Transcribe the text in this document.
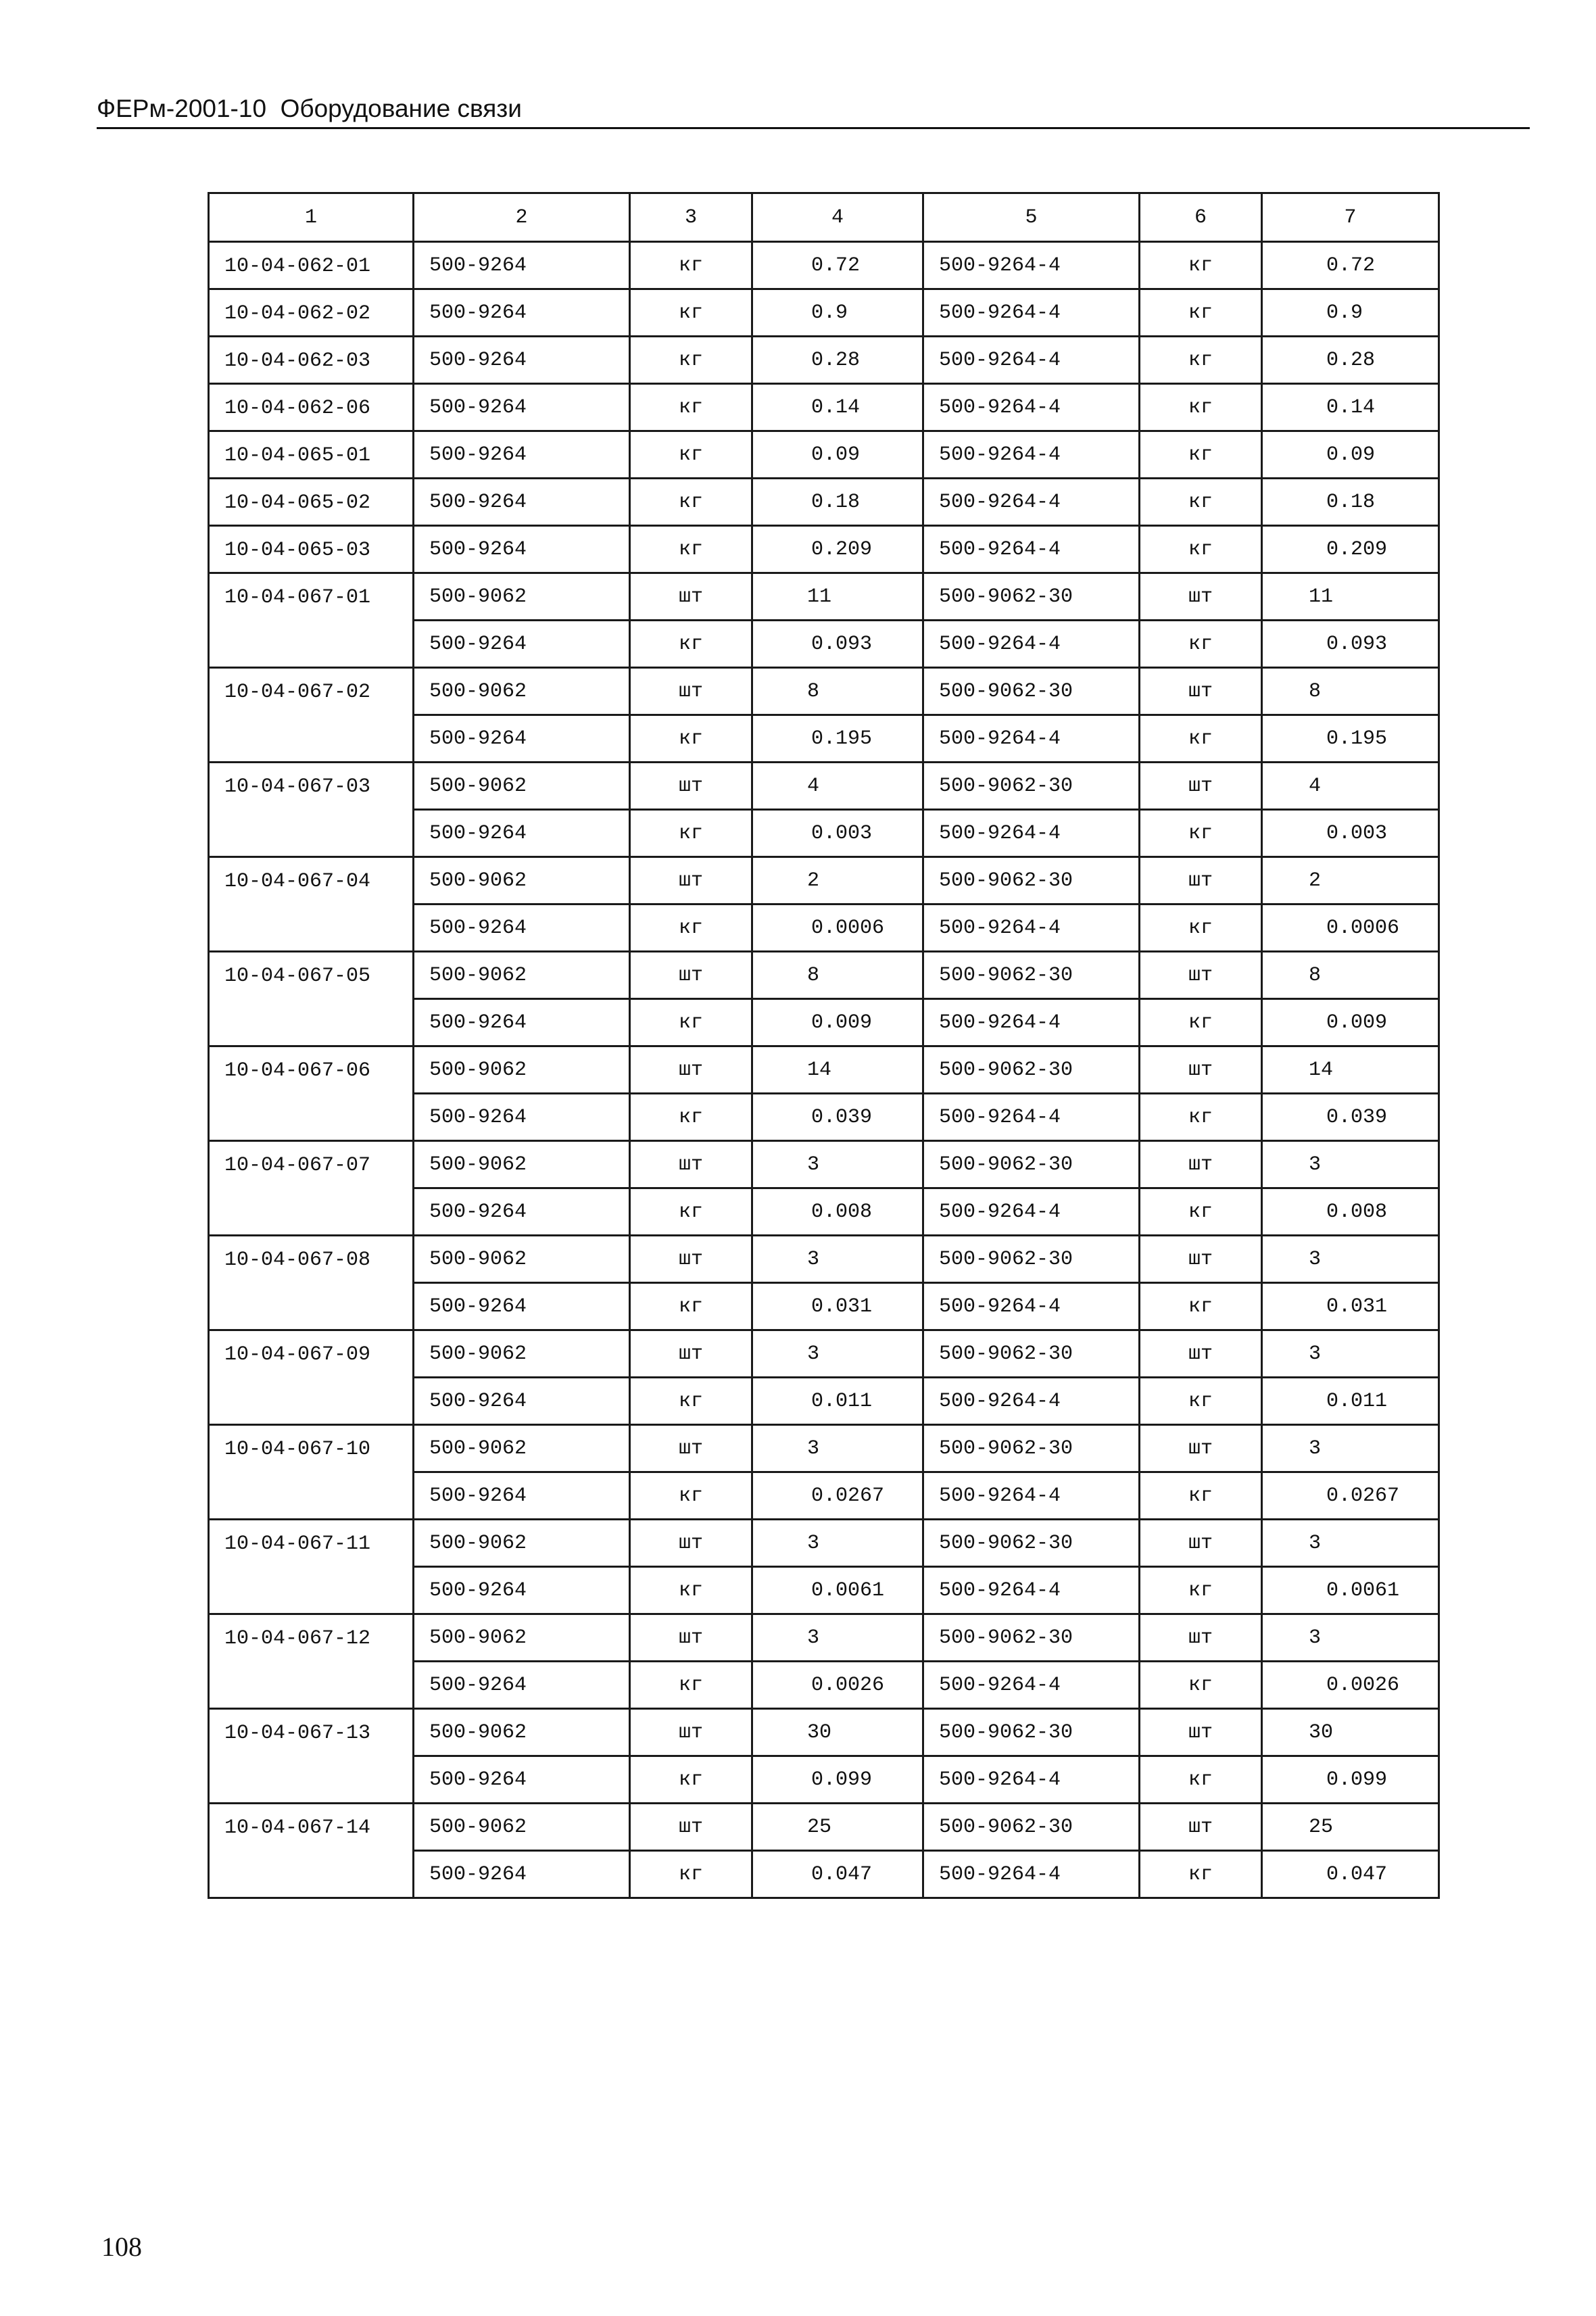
ФЕРм-2001-10  Оборудование связи
1	2	3	4	5	6	7
10-04-062-01	500-9264	кг	0.72	500-9264-4	кг	0.72
10-04-062-02	500-9264	кг	0.9	500-9264-4	кг	0.9
10-04-062-03	500-9264	кг	0.28	500-9264-4	кг	0.28
10-04-062-06	500-9264	кг	0.14	500-9264-4	кг	0.14
10-04-065-01	500-9264	кг	0.09	500-9264-4	кг	0.09
10-04-065-02	500-9264	кг	0.18	500-9264-4	кг	0.18
10-04-065-03	500-9264	кг	0.209	500-9264-4	кг	0.209
10-04-067-01	500-9062	шт	11	500-9062-30	шт	11
	500-9264	кг	0.093	500-9264-4	кг	0.093
10-04-067-02	500-9062	шт	8	500-9062-30	шт	8
	500-9264	кг	0.195	500-9264-4	кг	0.195
10-04-067-03	500-9062	шт	4	500-9062-30	шт	4
	500-9264	кг	0.003	500-9264-4	кг	0.003
10-04-067-04	500-9062	шт	2	500-9062-30	шт	2
	500-9264	кг	0.0006	500-9264-4	кг	0.0006
10-04-067-05	500-9062	шт	8	500-9062-30	шт	8
	500-9264	кг	0.009	500-9264-4	кг	0.009
10-04-067-06	500-9062	шт	14	500-9062-30	шт	14
	500-9264	кг	0.039	500-9264-4	кг	0.039
10-04-067-07	500-9062	шт	3	500-9062-30	шт	3
	500-9264	кг	0.008	500-9264-4	кг	0.008
10-04-067-08	500-9062	шт	3	500-9062-30	шт	3
	500-9264	кг	0.031	500-9264-4	кг	0.031
10-04-067-09	500-9062	шт	3	500-9062-30	шт	3
	500-9264	кг	0.011	500-9264-4	кг	0.011
10-04-067-10	500-9062	шт	3	500-9062-30	шт	3
	500-9264	кг	0.0267	500-9264-4	кг	0.0267
10-04-067-11	500-9062	шт	3	500-9062-30	шт	3
	500-9264	кг	0.0061	500-9264-4	кг	0.0061
10-04-067-12	500-9062	шт	3	500-9062-30	шт	3
	500-9264	кг	0.0026	500-9264-4	кг	0.0026
10-04-067-13	500-9062	шт	30	500-9062-30	шт	30
	500-9264	кг	0.099	500-9264-4	кг	0.099
10-04-067-14	500-9062	шт	25	500-9062-30	шт	25
	500-9264	кг	0.047	500-9264-4	кг	0.047
108
